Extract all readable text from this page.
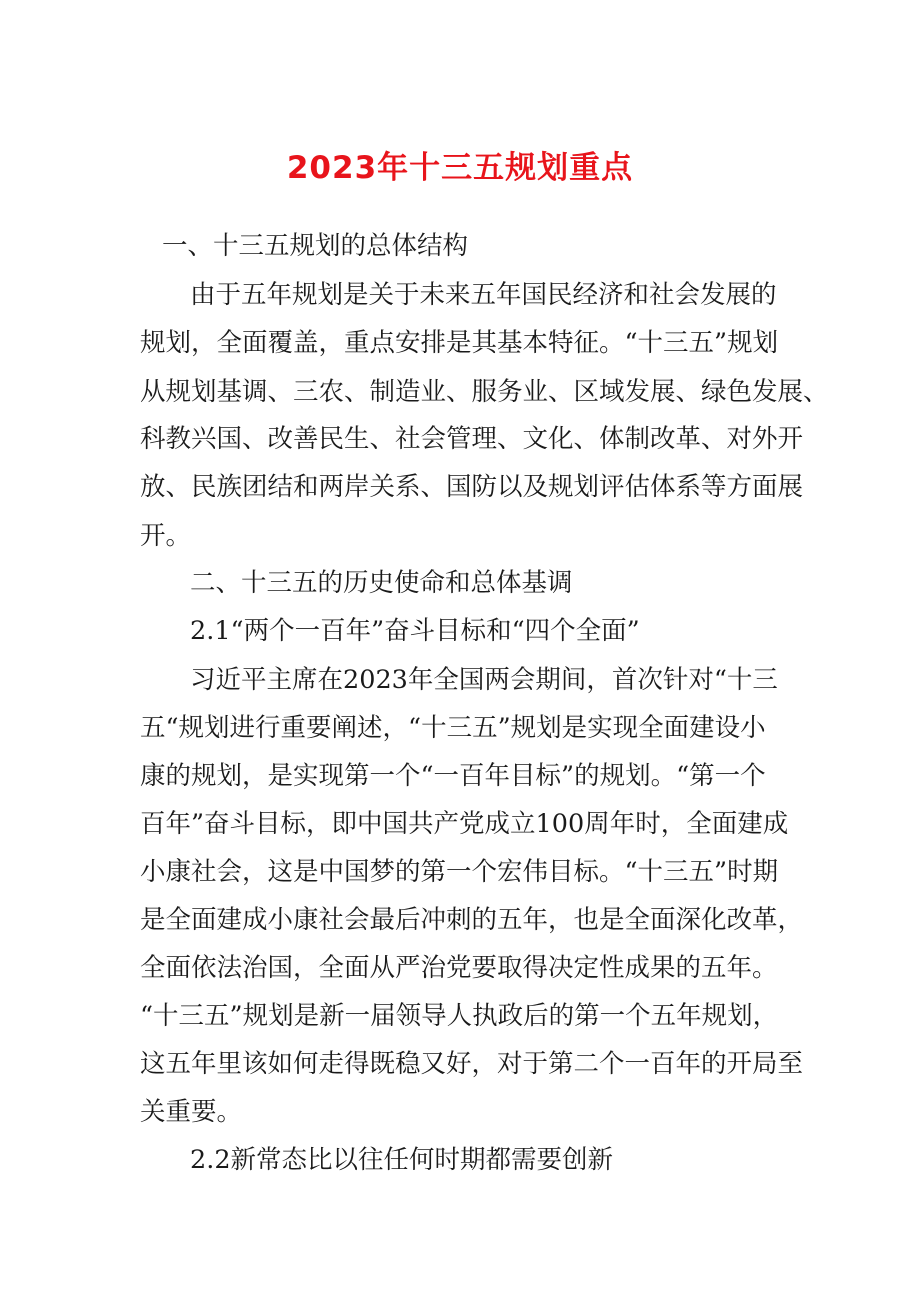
2023年十三五规划重点
一、十三五规划的总体结构
由于五年规划是关于未来五年国民经济和社会发展的
规划，全面覆盖，重点安排是其基本特征。“十三五”规划
从规划基调、三农、制造业、服务业、区域发展、绿色发展、
科教兴国、改善民生、社会管理、文化、体制改革、对外开
放、民族团结和两岸关系、国防以及规划评估体系等方面展
开。
二、十三五的历史使命和总体基调
2.1“两个一百年”奋斗目标和“四个全面”
习近平主席在2023年全国两会期间，首次针对“十三
五“规划进行重要阐述，“十三五”规划是实现全面建设小
康的规划，是实现第一个“一百年目标”的规划。“第一个
百年”奋斗目标，即中国共产党成立100周年时，全面建成
小康社会，这是中国梦的第一个宏伟目标。“十三五”时期
是全面建成小康社会最后冲刺的五年，也是全面深化改革，
全面依法治国，全面从严治党要取得决定性成果的五年。
“十三五”规划是新一届领导人执政后的第一个五年规划，
这五年里该如何走得既稳又好，对于第二个一百年的开局至
关重要。
2.2新常态比以往任何时期都需要创新
